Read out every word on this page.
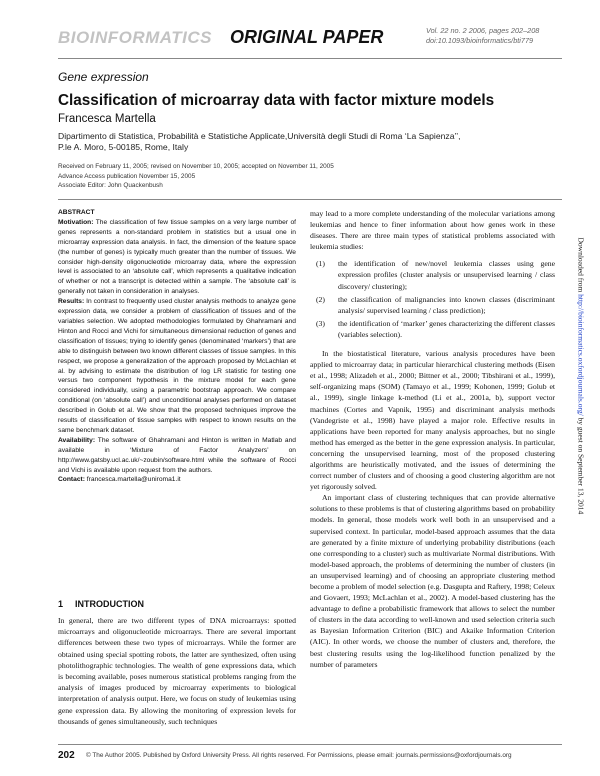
BIOINFORMATICS ORIGINAL PAPER	Vol. 22 no. 2 2006, pages 202–208
doi:10.1093/bioinformatics/bti779
Gene expression
Classification of microarray data with factor mixture models
Francesca Martella
Dipartimento di Statistica, Probabilità e Statistiche Applicate,Università degli Studi di Roma ‘La Sapienza’’,
P.le A. Moro, 5-00185, Rome, Italy
Received on February 11, 2005; revised on November 10, 2005; accepted on November 11, 2005
Advance Access publication November 15, 2005
Associate Editor: John Quackenbush

ABSTRACT

Motivation: The classification of few tissue samples on a very large number of genes represents a non-standard problem in statistics but a usual one in microarray expression data analysis. In fact, the dimension of the feature space (the number of genes) is typically much greater than the number of tissues. We consider high-density oligonucleotide microarray data, where the expression level is associated to an ‘absolute call’, which represents a qualitative indication of whether or not a transcript is detected within a sample. The ‘absolute call’ is generally not taken in consideration in analyses.

Results: In contrast to frequently used cluster analysis methods to analyze gene expression data, we consider a problem of classification of tissues and of the variables selection. We adopted methodologies formulated by Ghahramani and Hinton and Rocci and Vichi for simultaneous dimensional reduction of genes and classification of tissues; trying to identify genes (denominated ‘markers’) that are able to distinguish between two known different classes of tissue samples. In this respect, we propose a generalization of the approach proposed by McLachlan et al. by advising to estimate the distribution of log LR statistic for testing one versus two component hypothesis in the mixture model for each gene considered individually, using a parametric bootstrap approach. We compare conditional (on ‘absolute call’) and unconditional analyses performed on dataset described in Golub et al. We show that the proposed techniques improve the results of classification of tissue samples with respect to known results on the same benchmark dataset.

Availability: The software of Ghahramani and Hinton is written in Matlab and available in ‘Mixture of Factor Analyzers’ on http://www.gatsby.ucl.ac.uk/~zoubin/software.html while the software of Rocci and Vichi is available upon request from the authors.

Contact: francesca.martella@uniroma1.it

1 INTRODUCTION
In general, there are two different types of DNA microarrays: spotted microarrays and oligonucleotide microarrays. There are several important differences between these two types of microarrays. While the former are obtained using special spotting robots, the latter are synthesized, often using photolithographic technologies. The wealth of gene expressions data, which is becoming available, poses numerous statistical problems ranging from the analysis of images produced by microarray experiments to biological interpretation of analysis output. Here, we focus on study of leukemias using gene expression data. By allowing the monitoring of expression levels for thousands of genes simultaneously, such techniques

may lead to a more complete understanding of the molecular variations among leukemias and hence to finer information about how genes work in these diseases. There are three main types of statistical problems associated with leukemia studies:

(1) the identification of new/novel leukemia classes using gene expression profiles (cluster analysis or unsupervised learning / class discovery/ clustering);
(2) the classification of malignancies into known classes (discriminant analysis/ supervised learning / class prediction);
(3) the identification of ‘marker’ genes characterizing the different classes (variables selection).

In the biostatistical literature, various analysis procedures have been applied to microarray data; in particular hierarchical clustering methods (Eisen et al., 1998; Alizadeh et al., 2000; Bittner et al., 2000; Tibshirani et al., 1999), self-organizing maps (SOM) (Tamayo et al., 1999; Kohonen, 1999; Golub et al., 1999), single linkage k-method (Li et al., 2001a, b), support vector machines (Cortes and Vapnik, 1995) and discriminant analysis methods (Vandegriste et al., 1998) have played a major role. Effective results in applications have been reported for many analysis approaches, but no single method has emerged as the better in the gene expression analysis. In particular, concerning the unsupervised learning, most of the proposed clustering algorithms are heuristically motivated, and the issues of determining the correct number of clusters and of choosing a good clustering algorithm are not yet rigorously solved.

An important class of clustering techniques that can provide alternative solutions to these problems is that of clustering algorithms based on probability models. In general, those models work well both in an unsupervised and a supervised context. In particular, model-based approach assumes that the data are generated by a finite mixture of underlying probability distributions (each one corresponding to a cluster) such as multivariate Normal distributions. With model-based approach, the problems of determining the number of clusters (in an unsupervised learning) and of choosing an appropriate clustering method become a problem of model selection (e.g. Dasgupta and Raftery, 1998; Celeux and Govaert, 1993; McLachlan et al., 2002). A model-based clustering has the advantage to define a probabilistic framework that allows to select the number of clusters in the data according to well-known and used selection criteria such as Bayesian Information Criterion (BIC) and Akaike Information Criterion (AIC). In other words, we choose the number of clusters and, therefore, the best clustering results using the log-likelihood function penalized by the number of parameters

Downloaded from http://bioinformatics.oxfordjournals.org/ by guest on September 13, 2014
202 © The Author 2005. Published by Oxford University Press. All rights reserved. For Permissions, please email: journals.permissions@oxfordjournals.org
